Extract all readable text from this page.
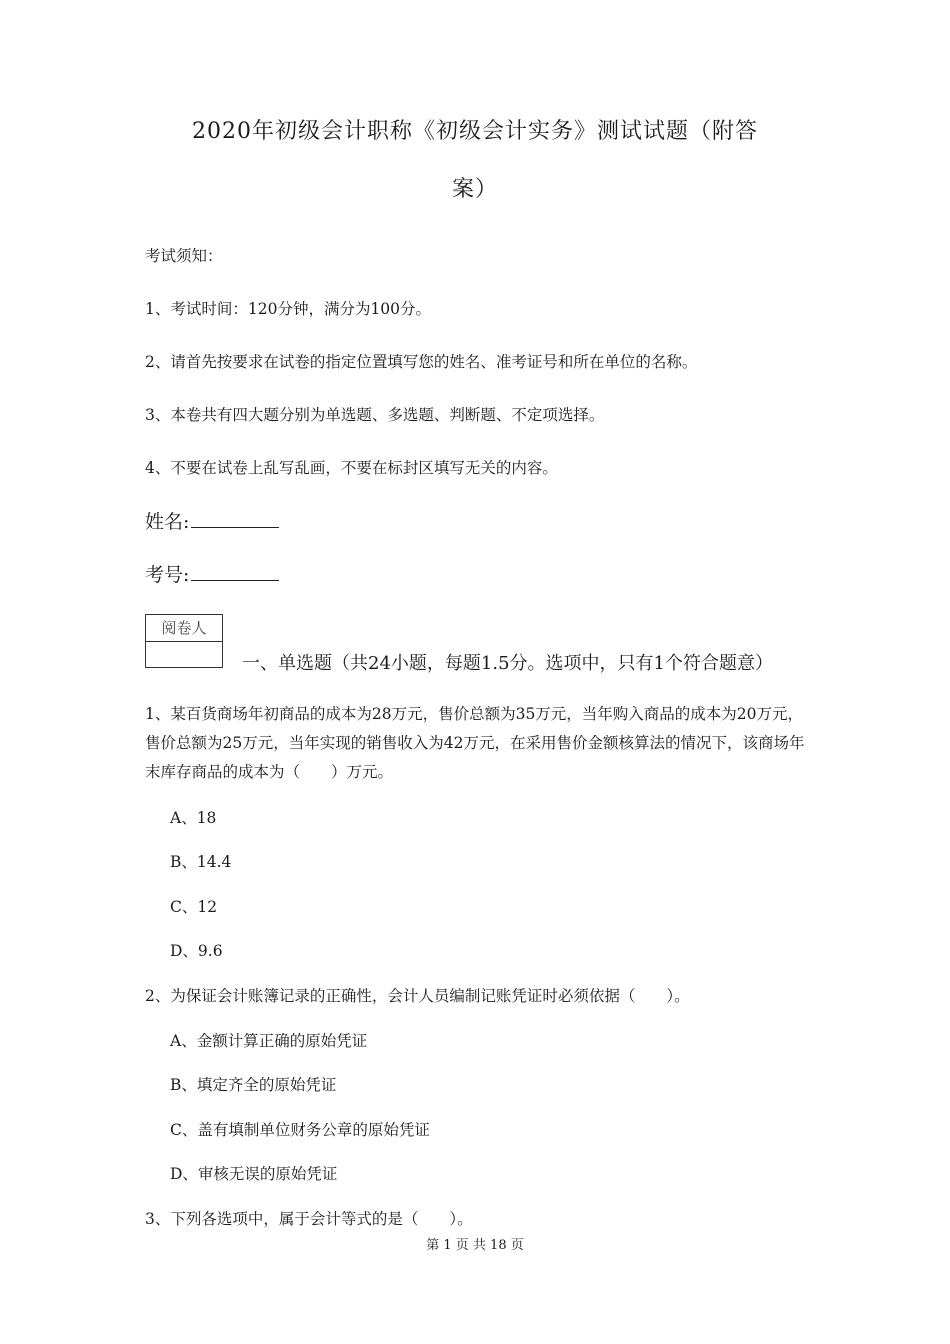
2020年初级会计职称《初级会计实务》测试试题（附答
案）
考试须知：
1、考试时间：120分钟，满分为100分。
2、请首先按要求在试卷的指定位置填写您的姓名、准考证号和所在单位的名称。
3、本卷共有四大题分别为单选题、多选题、判断题、不定项选择。
4、不要在试卷上乱写乱画，不要在标封区填写无关的内容。
姓名:
考号:
阅卷人
一、单选题（共24小题，每题1.5分。选项中，只有1个符合题意）
1、某百货商场年初商品的成本为28万元，售价总额为35万元，当年购入商品的成本为20万元，售价总额为25万元，当年实现的销售收入为42万元，在采用售价金额核算法的情况下，该商场年末库存商品的成本为（　　）万元。
A、18
B、14.4
C、12
D、9.6
2、为保证会计账簿记录的正确性，会计人员编制记账凭证时必须依据（　　）。
A、金额计算正确的原始凭证
B、填定齐全的原始凭证
C、盖有填制单位财务公章的原始凭证
D、审核无误的原始凭证
3、下列各选项中，属于会计等式的是（　　）。
第 1 页 共 18 页
